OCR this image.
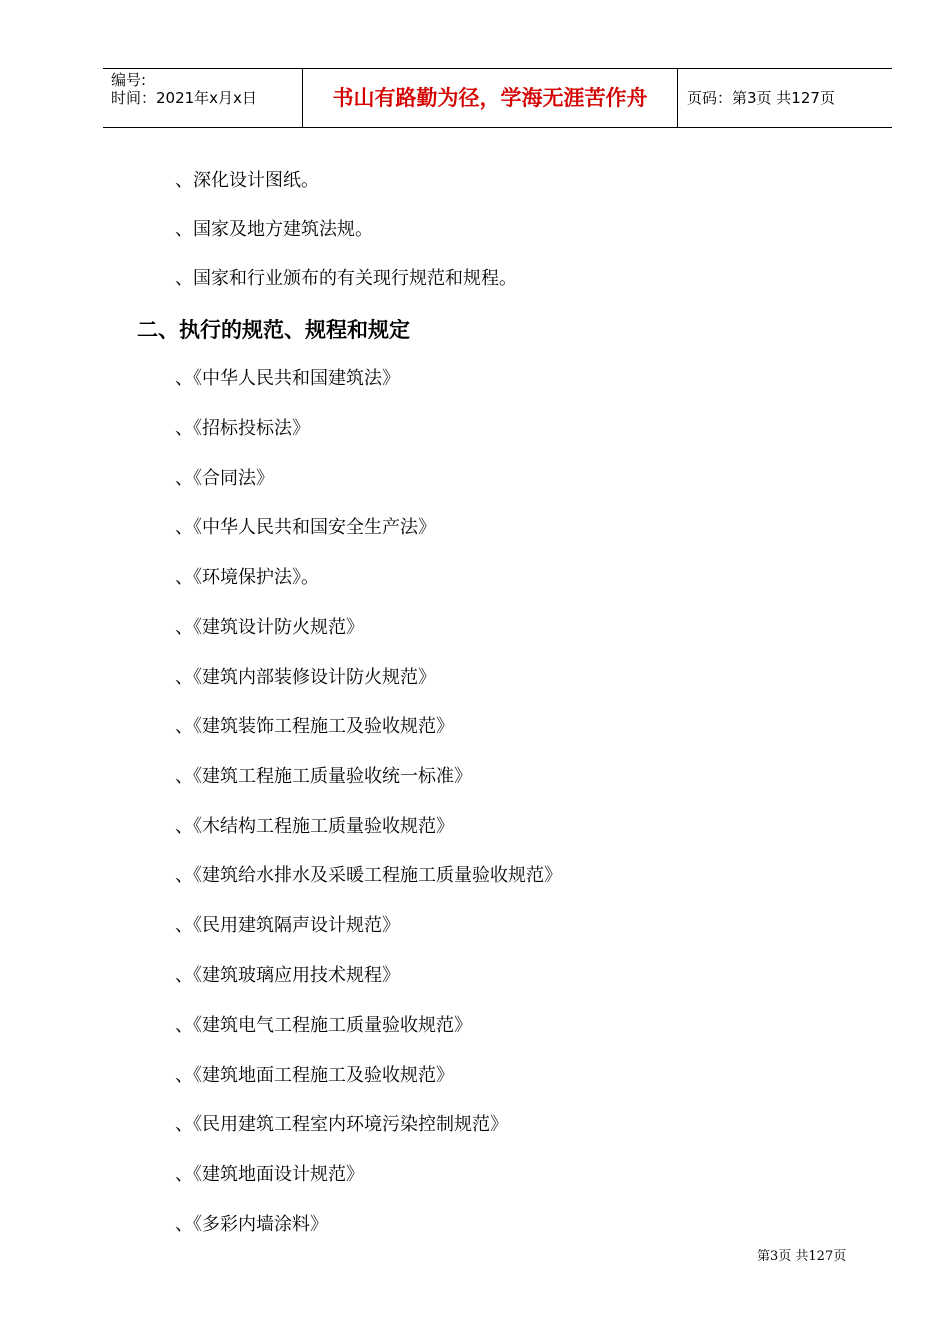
编号:
时间：2021年x月x日	书山有路勤为径，学海无涯苦作舟	页码：第3页 共127页
、深化设计图纸。
、国家及地方建筑法规。
、国家和行业颁布的有关现行规范和规程。
二、执行的规范、规程和规定
、《中华人民共和国建筑法》
、《招标投标法》
、《合同法》
、《中华人民共和国安全生产法》
、《环境保护法》。
、《建筑设计防火规范》
、《建筑内部装修设计防火规范》
、《建筑装饰工程施工及验收规范》
、《建筑工程施工质量验收统一标准》
、《木结构工程施工质量验收规范》
、《建筑给水排水及采暖工程施工质量验收规范》
、《民用建筑隔声设计规范》
、《建筑玻璃应用技术规程》
、《建筑电气工程施工质量验收规范》
、《建筑地面工程施工及验收规范》
、《民用建筑工程室内环境污染控制规范》
、《建筑地面设计规范》
、《多彩内墙涂料》
第3页 共127页
